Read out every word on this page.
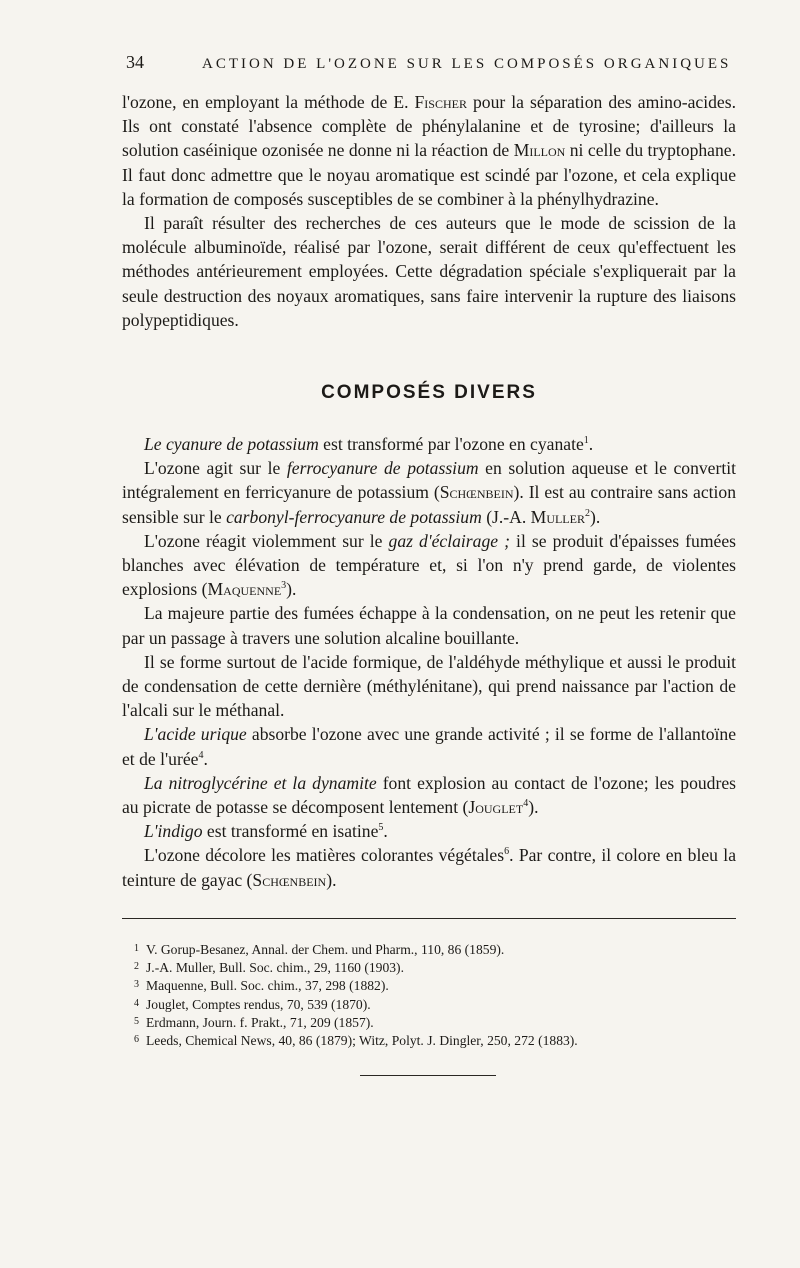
34	ACTION DE L'OZONE SUR LES COMPOSÉS ORGANIQUES

l'ozone, en employant la méthode de E. Fischer pour la séparation des amino-acides. Ils ont constaté l'absence complète de phénylalanine et de tyrosine; d'ailleurs la solution caséinique ozonisée ne donne ni la réaction de Millon ni celle du tryptophane. Il faut donc admettre que le noyau aromatique est scindé par l'ozone, et cela explique la formation de composés susceptibles de se combiner à la phénylhydrazine.

Il paraît résulter des recherches de ces auteurs que le mode de scission de la molécule albuminoïde, réalisé par l'ozone, serait différent de ceux qu'effectuent les méthodes antérieurement employées. Cette dégradation spéciale s'expliquerait par la seule destruction des noyaux aromatiques, sans faire intervenir la rupture des liaisons polypeptidiques.

COMPOSÉS DIVERS

Le cyanure de potassium est transformé par l'ozone en cyanate$^1$.

L'ozone agit sur le ferrocyanure de potassium en solution aqueuse et le convertit intégralement en ferricyanure de potassium (Schœnbein). Il est au contraire sans action sensible sur le carbonyl-ferrocyanure de potassium (J.-A. Muller$^2$).

L'ozone réagit violemment sur le gaz d'éclairage ; il se produit d'épaisses fumées blanches avec élévation de température et, si l'on n'y prend garde, de violentes explosions (Maquenne$^3$).

La majeure partie des fumées échappe à la condensation, on ne peut les retenir que par un passage à travers une solution alcaline bouillante.

Il se forme surtout de l'acide formique, de l'aldéhyde méthylique et aussi le produit de condensation de cette dernière (méthylénitane), qui prend naissance par l'action de l'alcali sur le méthanal.

L'acide urique absorbe l'ozone avec une grande activité ; il se forme de l'allantoïne et de l'urée$^4$.

La nitroglycérine et la dynamite font explosion au contact de l'ozone; les poudres au picrate de potasse se décomposent lentement (Jouglet$^4$).

L'indigo est transformé en isatine$^5$.

L'ozone décolore les matières colorantes végétales$^6$. Par contre, il colore en bleu la teinture de gayac (Schœnbein).

1 V. Gorup-Besanez, Annal. der Chem. und Pharm., 110, 86 (1859).
2 J.-A. Muller, Bull. Soc. chim., 29, 1160 (1903).
3 Maquenne, Bull. Soc. chim., 37, 298 (1882).
4 Jouglet, Comptes rendus, 70, 539 (1870).
5 Erdmann, Journ. f. Prakt., 71, 209 (1857).
6 Leeds, Chemical News, 40, 86 (1879); Witz, Polyt. J. Dingler, 250, 272 (1883).
